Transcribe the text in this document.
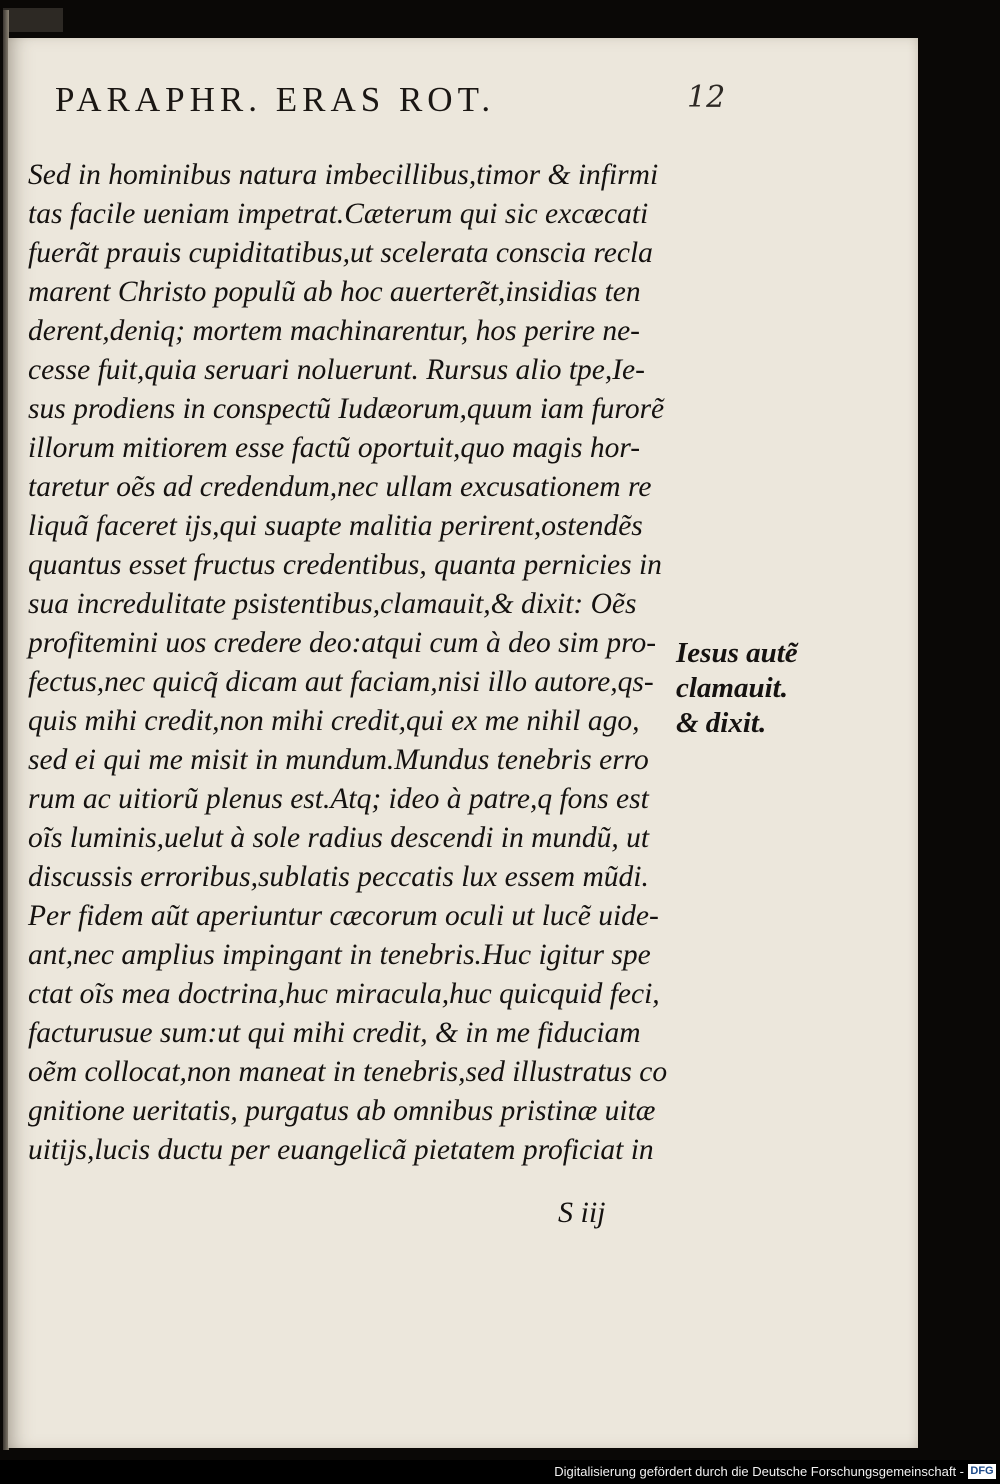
PARAPHR. ERAS ROT.	12
Sed in hominibus natura imbecillibus,timor & infirmi
tas facile ueniam impetrat.Cæterum qui sic excæcati
fuerãt prauis cupiditatibus,ut scelerata conscia recla
marent Christo populũ ab hoc auerterẽt,insidias ten
derent,deniq; mortem machinarentur, hos perire ne-
cesse fuit,quia seruari noluerunt. Rursus alio tpe,Ie-
sus prodiens in conspectũ Iudæorum,quum iam furorẽ
illorum mitiorem esse factũ oportuit,quo magis hor-
taretur oẽs ad credendum,nec ullam excusationem re
liquã faceret ijs,qui suapte malitia perirent,ostendẽs
quantus esset fructus credentibus, quanta pernicies in
sua incredulitate psistentibus,clamauit,& dixit: Oẽs
profitemini uos credere deo:atqui cum à deo sim pro-
fectus,nec quicq̃ dicam aut faciam,nisi illo autore,qs-
quis mihi credit,non mihi credit,qui ex me nihil ago,
sed ei qui me misit in mundum.Mundus tenebris erro
rum ac uitiorũ plenus est.Atq; ideo à patre,q fons est
oĩs luminis,uelut à sole radius descendi in mundũ, ut
discussis erroribus,sublatis peccatis lux essem mũdi.
Per fidem aũt aperiuntur cæcorum oculi ut lucẽ uide-
ant,nec amplius impingant in tenebris.Huc igitur spe
ctat oĩs mea doctrina,huc miracula,huc quicquid feci,
facturusue sum:ut qui mihi credit, & in me fiduciam
oẽm collocat,non maneat in tenebris,sed illustratus co
gnitione ueritatis, purgatus ab omnibus pristinæ uitæ
uitijs,lucis ductu per euangelicã pietatem proficiat in
Iesus autẽ
clamauit.
& dixit.
S iij
Digitalisierung gefördert durch die Deutsche Forschungsgemeinschaft - DFG
